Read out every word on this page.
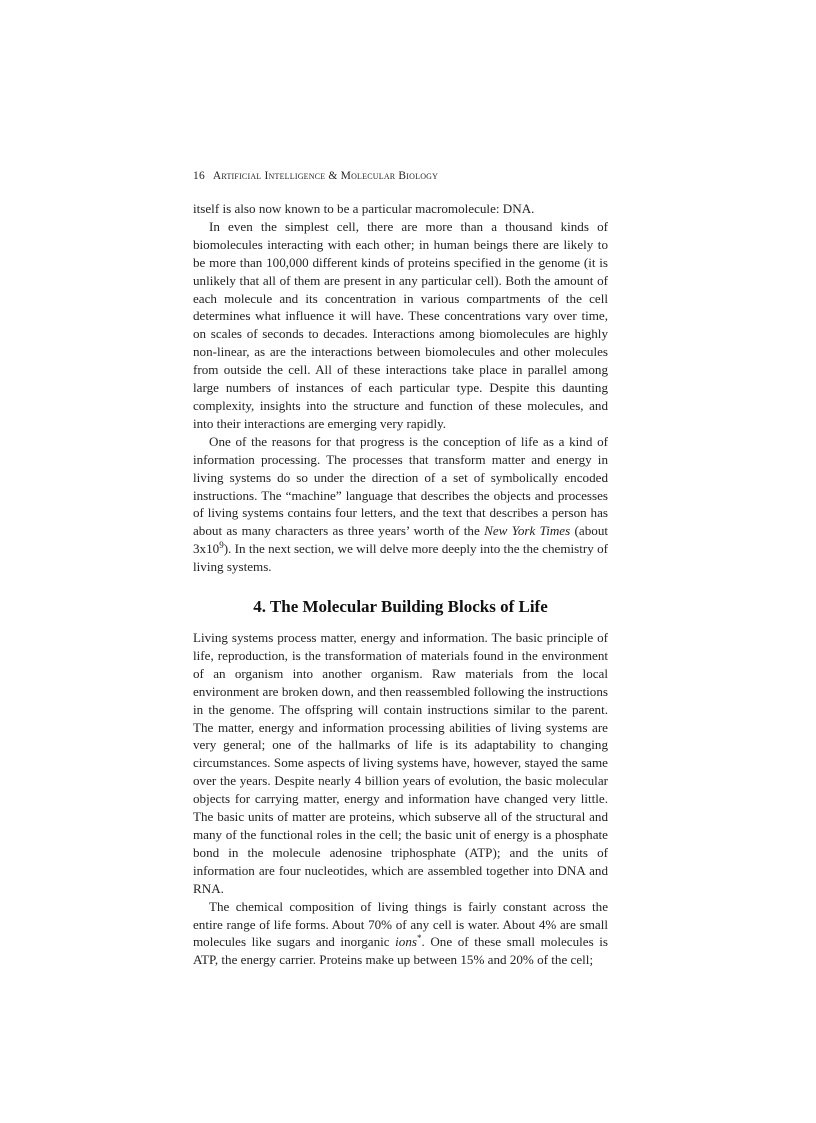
16 Artificial Intelligence & Molecular Biology

itself is also now known to be a particular macromolecule: DNA.

In even the simplest cell, there are more than a thousand kinds of biomolecules interacting with each other; in human beings there are likely to be more than 100,000 different kinds of proteins specified in the genome (it is unlikely that all of them are present in any particular cell). Both the amount of each molecule and its concentration in various compartments of the cell determines what influence it will have. These concentrations vary over time, on scales of seconds to decades. Interactions among biomolecules are highly non-linear, as are the interactions between biomolecules and other molecules from outside the cell. All of these interactions take place in parallel among large numbers of instances of each particular type. Despite this daunting complexity, insights into the structure and function of these molecules, and into their interactions are emerging very rapidly.

One of the reasons for that progress is the conception of life as a kind of information processing. The processes that transform matter and energy in living systems do so under the direction of a set of symbolically encoded instructions. The “machine” language that describes the objects and processes of living systems contains four letters, and the text that describes a person has about as many characters as three years’ worth of the New York Times (about $3x10^9$). In the next section, we will delve more deeply into the the chemistry of living systems.

4. The Molecular Building Blocks of Life

Living systems process matter, energy and information. The basic principle of life, reproduction, is the transformation of materials found in the environment of an organism into another organism. Raw materials from the local environment are broken down, and then reassembled following the instructions in the genome. The offspring will contain instructions similar to the parent. The matter, energy and information processing abilities of living systems are very general; one of the hallmarks of life is its adaptability to changing circumstances. Some aspects of living systems have, however, stayed the same over the years. Despite nearly 4 billion years of evolution, the basic molecular objects for carrying matter, energy and information have changed very little. The basic units of matter are proteins, which subserve all of the structural and many of the functional roles in the cell; the basic unit of energy is a phosphate bond in the molecule adenosine triphosphate (ATP); and the units of information are four nucleotides, which are assembled together into DNA and RNA.

The chemical composition of living things is fairly constant across the entire range of life forms. About 70% of any cell is water. About 4% are small molecules like sugars and inorganic ions*. One of these small molecules is ATP, the energy carrier. Proteins make up between 15% and 20% of the cell;
